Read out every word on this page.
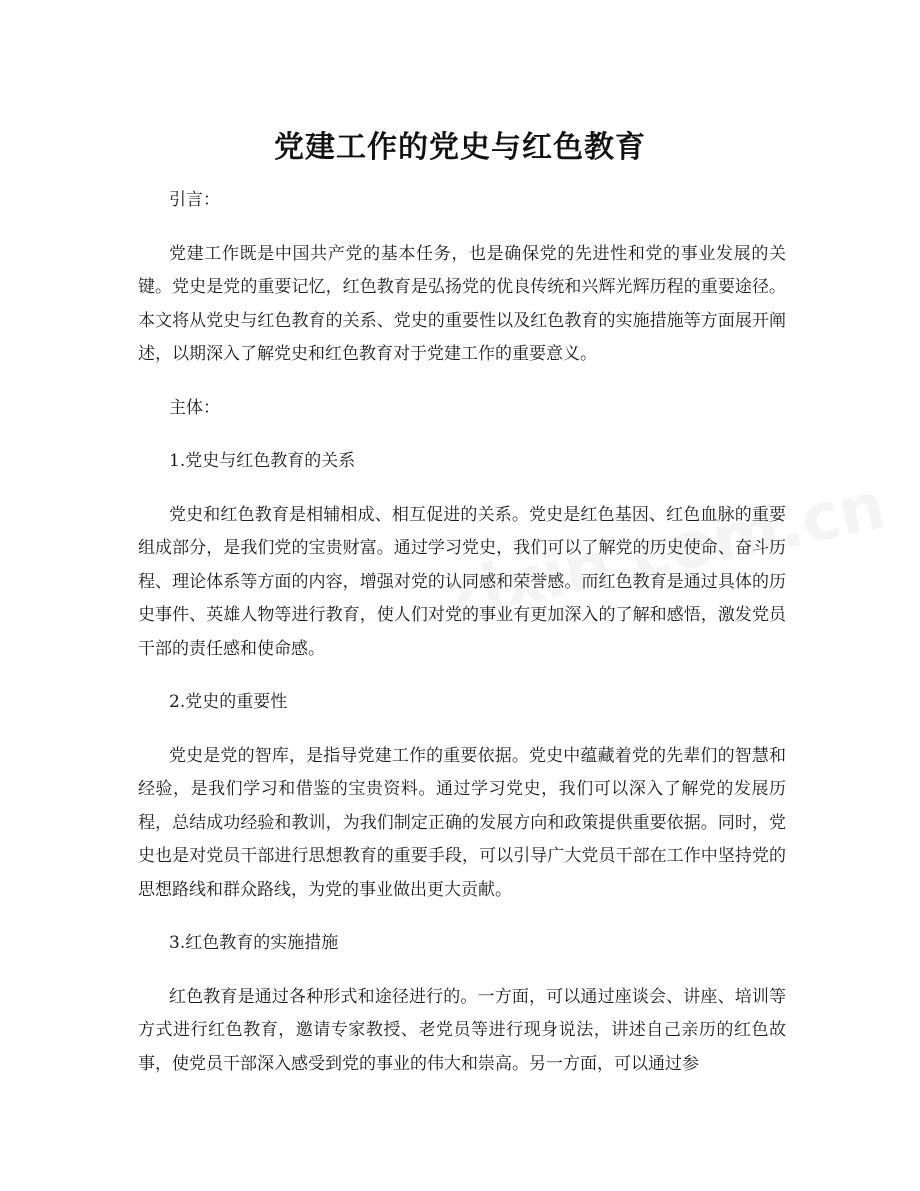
党建工作的党史与红色教育

引言：

党建工作既是中国共产党的基本任务，也是确保党的先进性和党的事业发展的关键。党史是党的重要记忆，红色教育是弘扬党的优良传统和兴辉光辉历程的重要途径。本文将从党史与红色教育的关系、党史的重要性以及红色教育的实施措施等方面展开阐述，以期深入了解党史和红色教育对于党建工作的重要意义。

主体：

1.党史与红色教育的关系

党史和红色教育是相辅相成、相互促进的关系。党史是红色基因、红色血脉的重要组成部分，是我们党的宝贵财富。通过学习党史，我们可以了解党的历史使命、奋斗历程、理论体系等方面的内容，增强对党的认同感和荣誉感。而红色教育是通过具体的历史事件、英雄人物等进行教育，使人们对党的事业有更加深入的了解和感悟，激发党员干部的责任感和使命感。

2.党史的重要性

党史是党的智库，是指导党建工作的重要依据。党史中蕴藏着党的先辈们的智慧和经验，是我们学习和借鉴的宝贵资料。通过学习党史，我们可以深入了解党的发展历程，总结成功经验和教训，为我们制定正确的发展方向和政策提供重要依据。同时，党史也是对党员干部进行思想教育的重要手段，可以引导广大党员干部在工作中坚持党的思想路线和群众路线，为党的事业做出更大贡献。

3.红色教育的实施措施

红色教育是通过各种形式和途径进行的。一方面，可以通过座谈会、讲座、培训等方式进行红色教育，邀请专家教授、老党员等进行现身说法，讲述自己亲历的红色故事，使党员干部深入感受到党的事业的伟大和崇高。另一方面，可以通过参
